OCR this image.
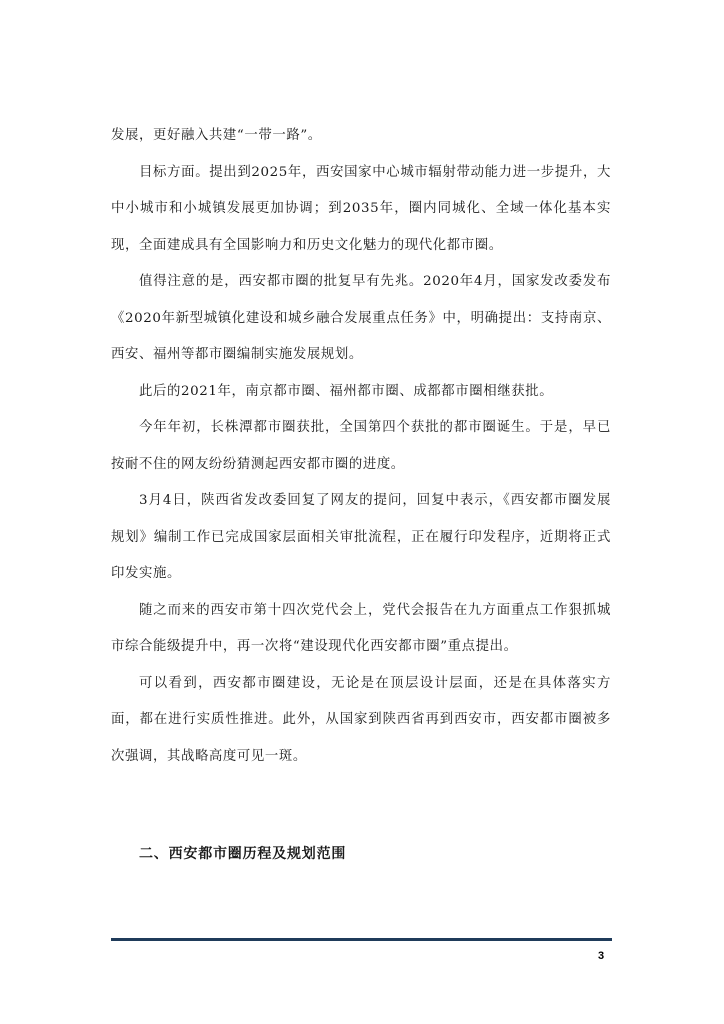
发展，更好融入共建“一带一路”。

目标方面。提出到2025年，西安国家中心城市辐射带动能力进一步提升，大中小城市和小城镇发展更加协调；到2035年，圈内同城化、全域一体化基本实现，全面建成具有全国影响力和历史文化魅力的现代化都市圈。

值得注意的是，西安都市圈的批复早有先兆。2020年4月，国家发改委发布《2020年新型城镇化建设和城乡融合发展重点任务》中，明确提出：支持南京、西安、福州等都市圈编制实施发展规划。

此后的2021年，南京都市圈、福州都市圈、成都都市圈相继获批。

今年年初，长株潭都市圈获批，全国第四个获批的都市圈诞生。于是，早已按耐不住的网友纷纷猜测起西安都市圈的进度。

3月4日，陕西省发改委回复了网友的提问，回复中表示，《西安都市圈发展规划》编制工作已完成国家层面相关审批流程，正在履行印发程序，近期将正式印发实施。

随之而来的西安市第十四次党代会上，党代会报告在九方面重点工作狠抓城市综合能级提升中，再一次将“建设现代化西安都市圈”重点提出。

可以看到，西安都市圈建设，无论是在顶层设计层面，还是在具体落实方面，都在进行实质性推进。此外，从国家到陕西省再到西安市，西安都市圈被多次强调，其战略高度可见一斑。

二、西安都市圈历程及规划范围
3
